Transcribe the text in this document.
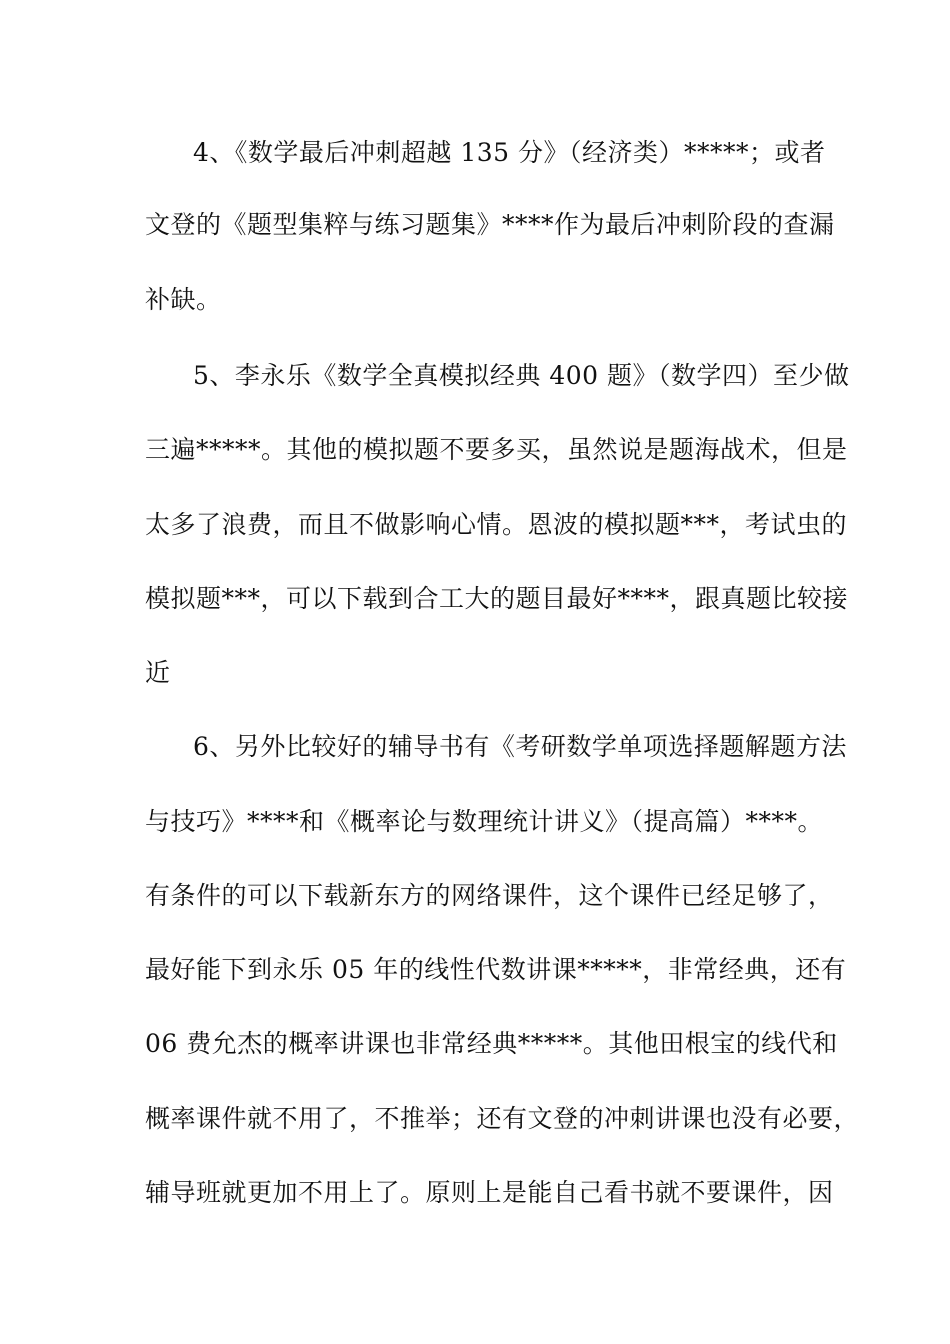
4、《数学最后冲刺超越 135 分》（经济类）*****；或者
文登的《题型集粹与练习题集》****作为最后冲刺阶段的查漏
补缺。
5、李永乐《数学全真模拟经典 400 题》（数学四）至少做
三遍*****。其他的模拟题不要多买，虽然说是题海战术，但是
太多了浪费，而且不做影响心情。恩波的模拟题***，考试虫的
模拟题***，可以下载到合工大的题目最好****，跟真题比较接
近
6、另外比较好的辅导书有《考研数学单项选择题解题方法
与技巧》****和《概率论与数理统计讲义》（提高篇）****。
有条件的可以下载新东方的网络课件，这个课件已经足够了，
最好能下到永乐 05 年的线性代数讲课*****，非常经典，还有
06 费允杰的概率讲课也非常经典*****。其他田根宝的线代和
概率课件就不用了，不推举；还有文登的冲刺讲课也没有必要，
辅导班就更加不用上了。原则上是能自己看书就不要课件，因
